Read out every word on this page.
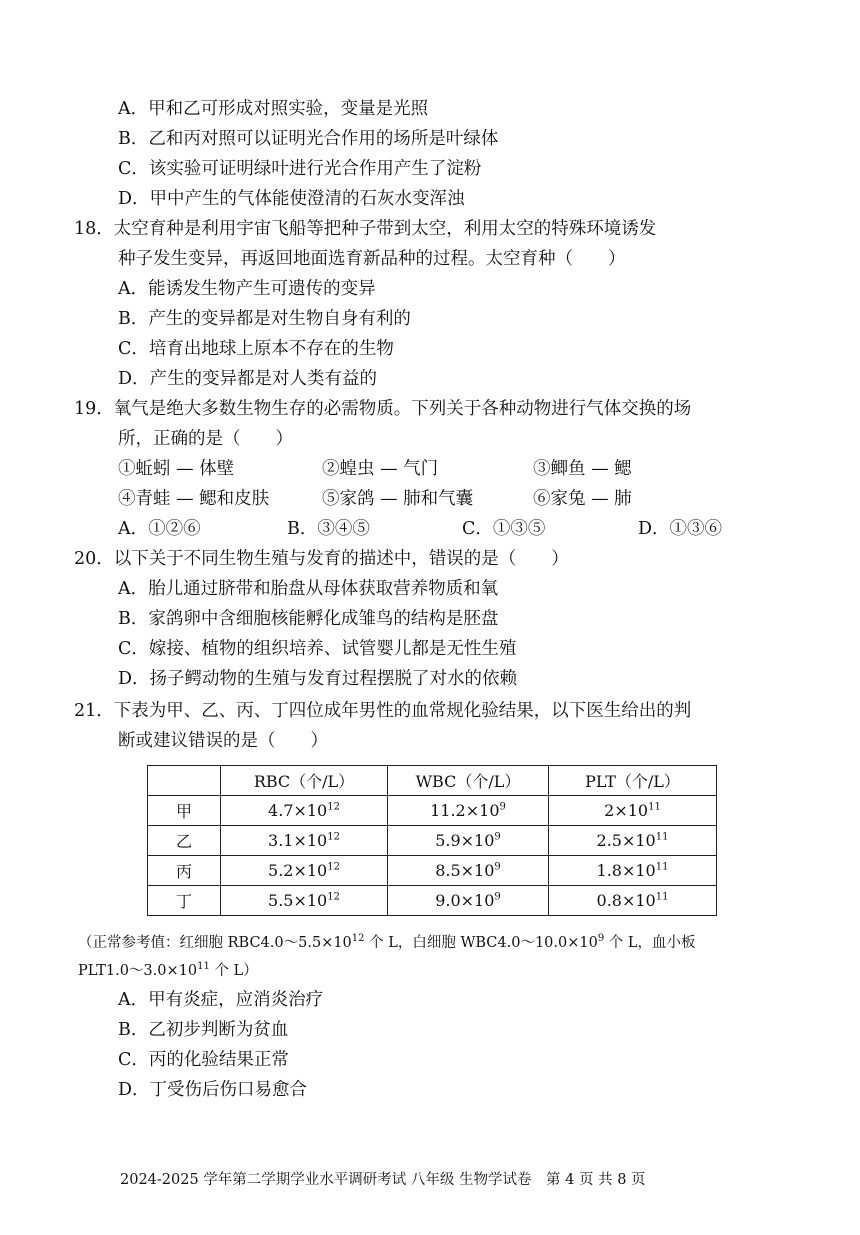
A．甲和乙可形成对照实验，变量是光照
B．乙和丙对照可以证明光合作用的场所是叶绿体
C．该实验可证明绿叶进行光合作用产生了淀粉
D．甲中产生的气体能使澄清的石灰水变浑浊
18．太空育种是利用宇宙飞船等把种子带到太空，利用太空的特殊环境诱发
种子发生变异，再返回地面选育新品种的过程。太空育种（　　）
A．能诱发生物产生可遗传的变异
B．产生的变异都是对生物自身有利的
C．培育出地球上原本不存在的生物
D．产生的变异都是对人类有益的
19．氧气是绝大多数生物生存的必需物质。下列关于各种动物进行气体交换的场
所，正确的是（　　）
①蚯蚓 — 体壁	②蝗虫 — 气门	③鲫鱼 — 鳃
④青蛙 — 鳃和皮肤	⑤家鸽 — 肺和气囊	⑥家兔 — 肺
A．①②⑥	B．③④⑤	C．①③⑤	D．①③⑥
20．以下关于不同生物生殖与发育的描述中，错误的是（　　）
A．胎儿通过脐带和胎盘从母体获取营养物质和氧
B．家鸽卵中含细胞核能孵化成雏鸟的结构是胚盘
C．嫁接、植物的组织培养、试管婴儿都是无性生殖
D．扬子鳄动物的生殖与发育过程摆脱了对水的依赖
21．下表为甲、乙、丙、丁四位成年男性的血常规化验结果，以下医生给出的判
断或建议错误的是（　　）
	RBC（个/L）	WBC（个/L）	PLT（个/L）
甲	$4.7\times 10^{12}$	$11.2\times 10^9$	$2\times 10^{11}$
乙	$3.1\times 10^{12}$	$5.9\times 10^9$	$2.5\times 10^{11}$
丙	$5.2\times 10^{12}$	$8.5\times 10^9$	$1.8\times 10^{11}$
丁	$5.5\times 10^{12}$	$9.0\times 10^9$	$0.8\times 10^{11}$
（正常参考值：红细胞 $RBC4.0\sim 5.5\times 10^{12}$ 个 L，白细胞 $WBC4.0\sim 10.0\times 10^9$ 个 L，血小板
$PLT1.0\sim 3.0\times 10^{11}$ 个 L）
A．甲有炎症，应消炎治疗
B．乙初步判断为贫血
C．丙的化验结果正常
D．丁受伤后伤口易愈合
2024-2025 学年第二学期学业水平调研考试 八年级 生物学试卷　第 4 页 共 8 页
